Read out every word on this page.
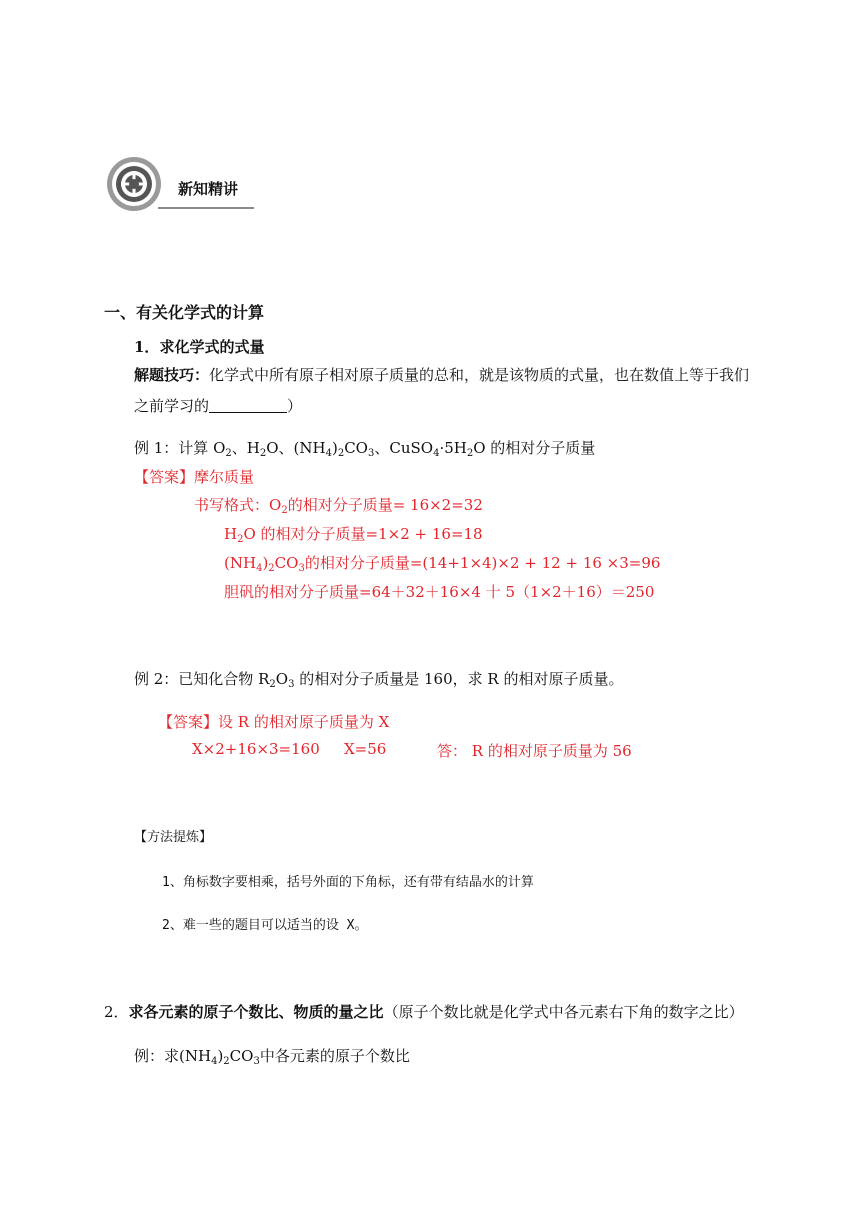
新知精讲
一、有关化学式的计算
1．求化学式的式量
解题技巧：化学式中所有原子相对原子质量的总和，就是该物质的式量，也在数值上等于我们
之前学习的	）
例 1：计算 $O_2$、$H_2O$、$(NH_4)_2CO_3$、$CuSO_4\cdot 5H_2O$ 的相对分子质量
【答案】摩尔质量
书写格式：$O_2$的相对分子质量= 16×2=32
$H_2O$ 的相对分子质量=1×2 + 16=18
$(NH_4)_2CO_3$的相对分子质量=(14+1×4)×2 + 12 + 16 ×3=96
胆矾的相对分子质量=64＋32＋16×4 十 5（1×2＋16）＝250
例 2：已知化合物 $R_2O_3$ 的相对分子质量是 160，求 R 的相对原子质量。
【答案】设 R 的相对原子质量为 X
X×2+16×3=160 X=56	答： R 的相对原子质量为 56
【方法提炼】
1、角标数字要相乘，括号外面的下角标，还有带有结晶水的计算
2、难一些的题目可以适当的设 X。
2．求各元素的原子个数比、物质的量之比（原子个数比就是化学式中各元素右下角的数字之比）
例：求$(NH_4)_2CO_3$中各元素的原子个数比
